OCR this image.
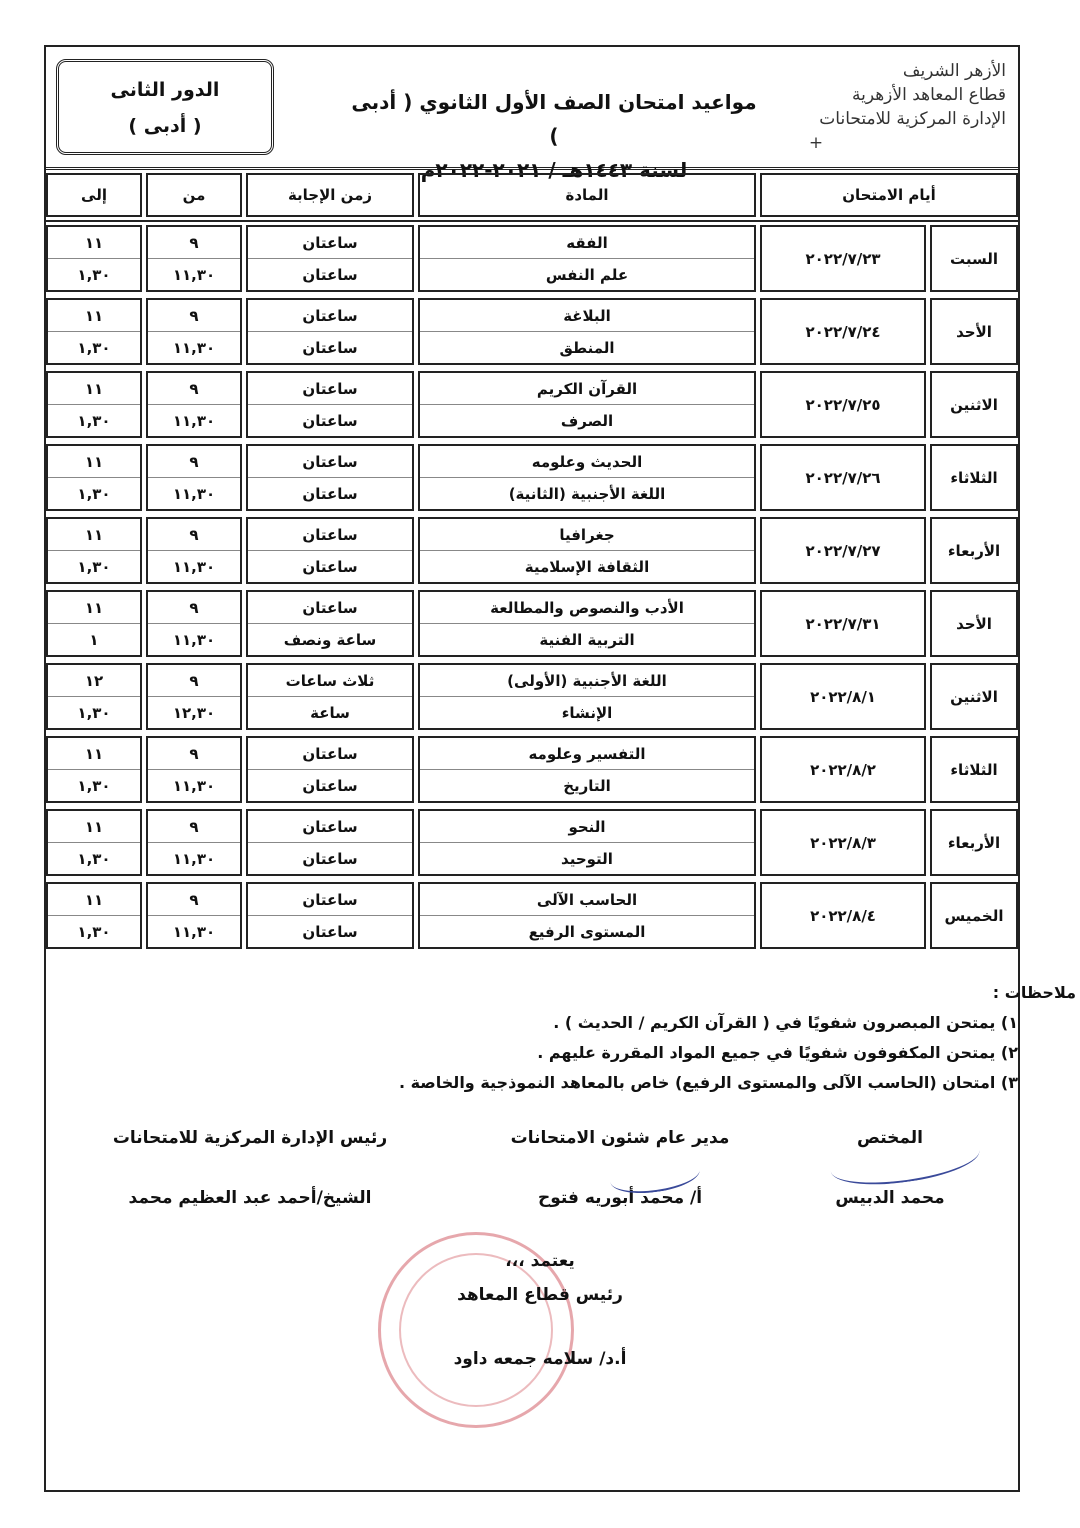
الأزهر الشريف
قطاع المعاهد الأزهرية
الإدارة المركزية للامتحانات
+
مواعيد امتحان الصف الأول الثانوي ( أدبى )
لسنة ١٤٤٣هـ / ٢٠٢١-٢٠٢٢م
الدور الثانى
( أدبى )
أيام الامتحان
المادة
زمن الإجابة
من
إلى
السبت
٢٠٢٢/٧/٢٣
الفقه
علم النفس
ساعتان
ساعتان
٩
١١,٣٠
١١
١,٣٠
الأحد
٢٠٢٢/٧/٢٤
البلاغة
المنطق
ساعتان
ساعتان
٩
١١,٣٠
١١
١,٣٠
الاثنين
٢٠٢٢/٧/٢٥
القرآن الكريم
الصرف
ساعتان
ساعتان
٩
١١,٣٠
١١
١,٣٠
الثلاثاء
٢٠٢٢/٧/٢٦
الحديث وعلومه
اللغة الأجنبية (الثانية)
ساعتان
ساعتان
٩
١١,٣٠
١١
١,٣٠
الأربعاء
٢٠٢٢/٧/٢٧
جغرافيا
الثقافة الإسلامية
ساعتان
ساعتان
٩
١١,٣٠
١١
١,٣٠
الأحد
٢٠٢٢/٧/٣١
الأدب والنصوص والمطالعة
التربية الفنية
ساعتان
ساعة ونصف
٩
١١,٣٠
١١
١
الاثنين
٢٠٢٢/٨/١
اللغة الأجنبية (الأولى)
الإنشاء
ثلاث ساعات
ساعة
٩
١٢,٣٠
١٢
١,٣٠
الثلاثاء
٢٠٢٢/٨/٢
التفسير وعلومه
التاريخ
ساعتان
ساعتان
٩
١١,٣٠
١١
١,٣٠
الأربعاء
٢٠٢٢/٨/٣
النحو
التوحيد
ساعتان
ساعتان
٩
١١,٣٠
١١
١,٣٠
الخميس
٢٠٢٢/٨/٤
الحاسب الآلى
المستوى الرفيع
ساعتان
ساعتان
٩
١١,٣٠
١١
١,٣٠
ملاحظات :
١) يمتحن المبصرون شفويًا في ( القرآن الكريم / الحديث ) .
٢) يمتحن المكفوفون شفويًا في جميع المواد المقررة عليهم .
٣) امتحان (الحاسب الآلى والمستوى الرفيع) خاص بالمعاهد النموذجية والخاصة .
المختص
محمد الدبيس
مدير عام شئون الامتحانات
أ/ محمد أبوريه فتوح
رئيس الإدارة المركزية للامتحانات
الشيخ/أحمد عبد العظيم محمد
يعتمد ،،،
رئيس قطاع المعاهد
أ.د/ سلامه جمعه داود
